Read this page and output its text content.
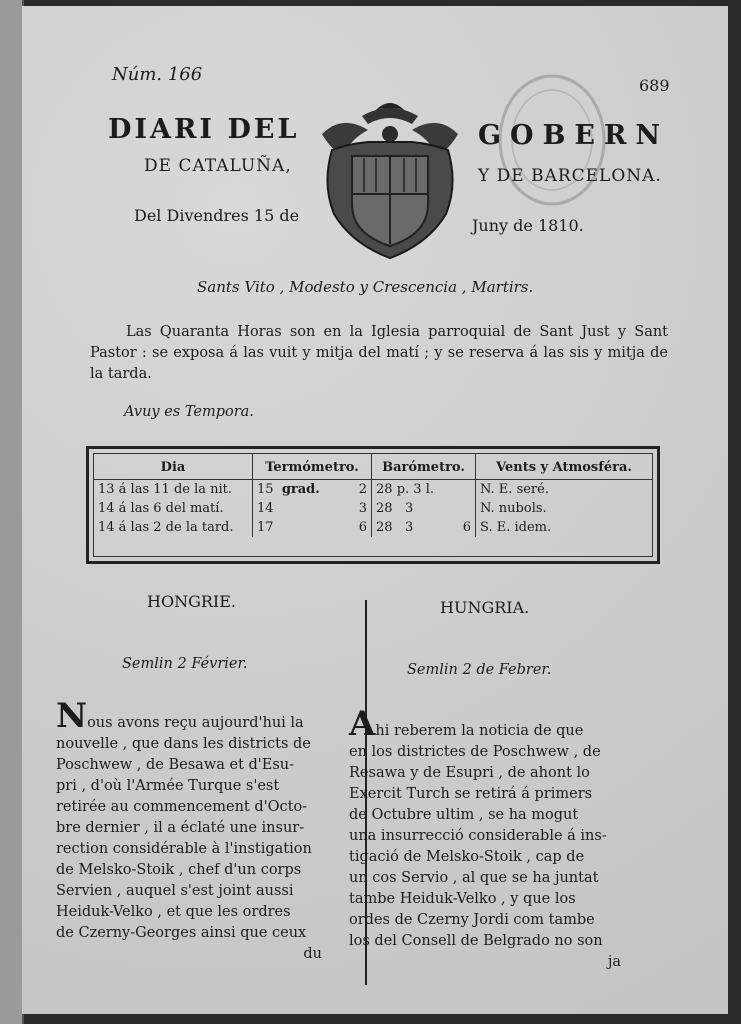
Núm. 166
689
DIARI DEL	GOBERN
DE CATALUÑA,	Y DE BARCELONA.
Del Divendres 15 de
Juny de 1810.
Sants Vito , Modesto y Crescencia , Martirs.
Las Quaranta Horas son en la Iglesia parroquial de Sant Just y Sant Pastor : se exposa á las vuit y mitja del matí ; y se reserva á las sis y mitja de la tarda.
Avuy es Tempora.
Dia	Termómetro.	Barómetro.	Vents y Atmosféra.
13 á las 11 de la nit.	15 grad. 2	28 p. 3 l.	N. E. seré.
14 á las 6 del matí.	14 3	28 3	N. nubols.
14 á las 2 de la tard.	17 6	28 3 6	S. E. idem.
HONGRIE.	HUNGRIA.
Semlin 2 Février.	Semlin 2 de Febrer.
Nous avons reçu aujourd'hui la
nouvelle , que dans les districts de
Poschwew , de Besawa et d'Esu-
pri , d'où l'Armée Turque s'est
retirée au commencement d'Octo-
bre dernier , il a éclaté une insur-
rection considérable à l'instigation
de Melsko-Stoik , chef d'un corps
Servien , auquel s'est joint aussi
Heiduk-Velko , et que les ordres
de Czerny-Georges ainsi que ceux
du
Ahi reberem la noticia de que
en los districtes de Poschwew , de
Resawa y de Esupri , de ahont lo
Exercit Turch se retirá á primers
de Octubre ultim , se ha mogut
una insurrecció considerable á ins-
tigació de Melsko-Stoik , cap de
un cos Servio , al que se ha juntat
tambe Heiduk-Velko , y que los
ordes de Czerny Jordi com tambe
los del Consell de Belgrado no son
ja
